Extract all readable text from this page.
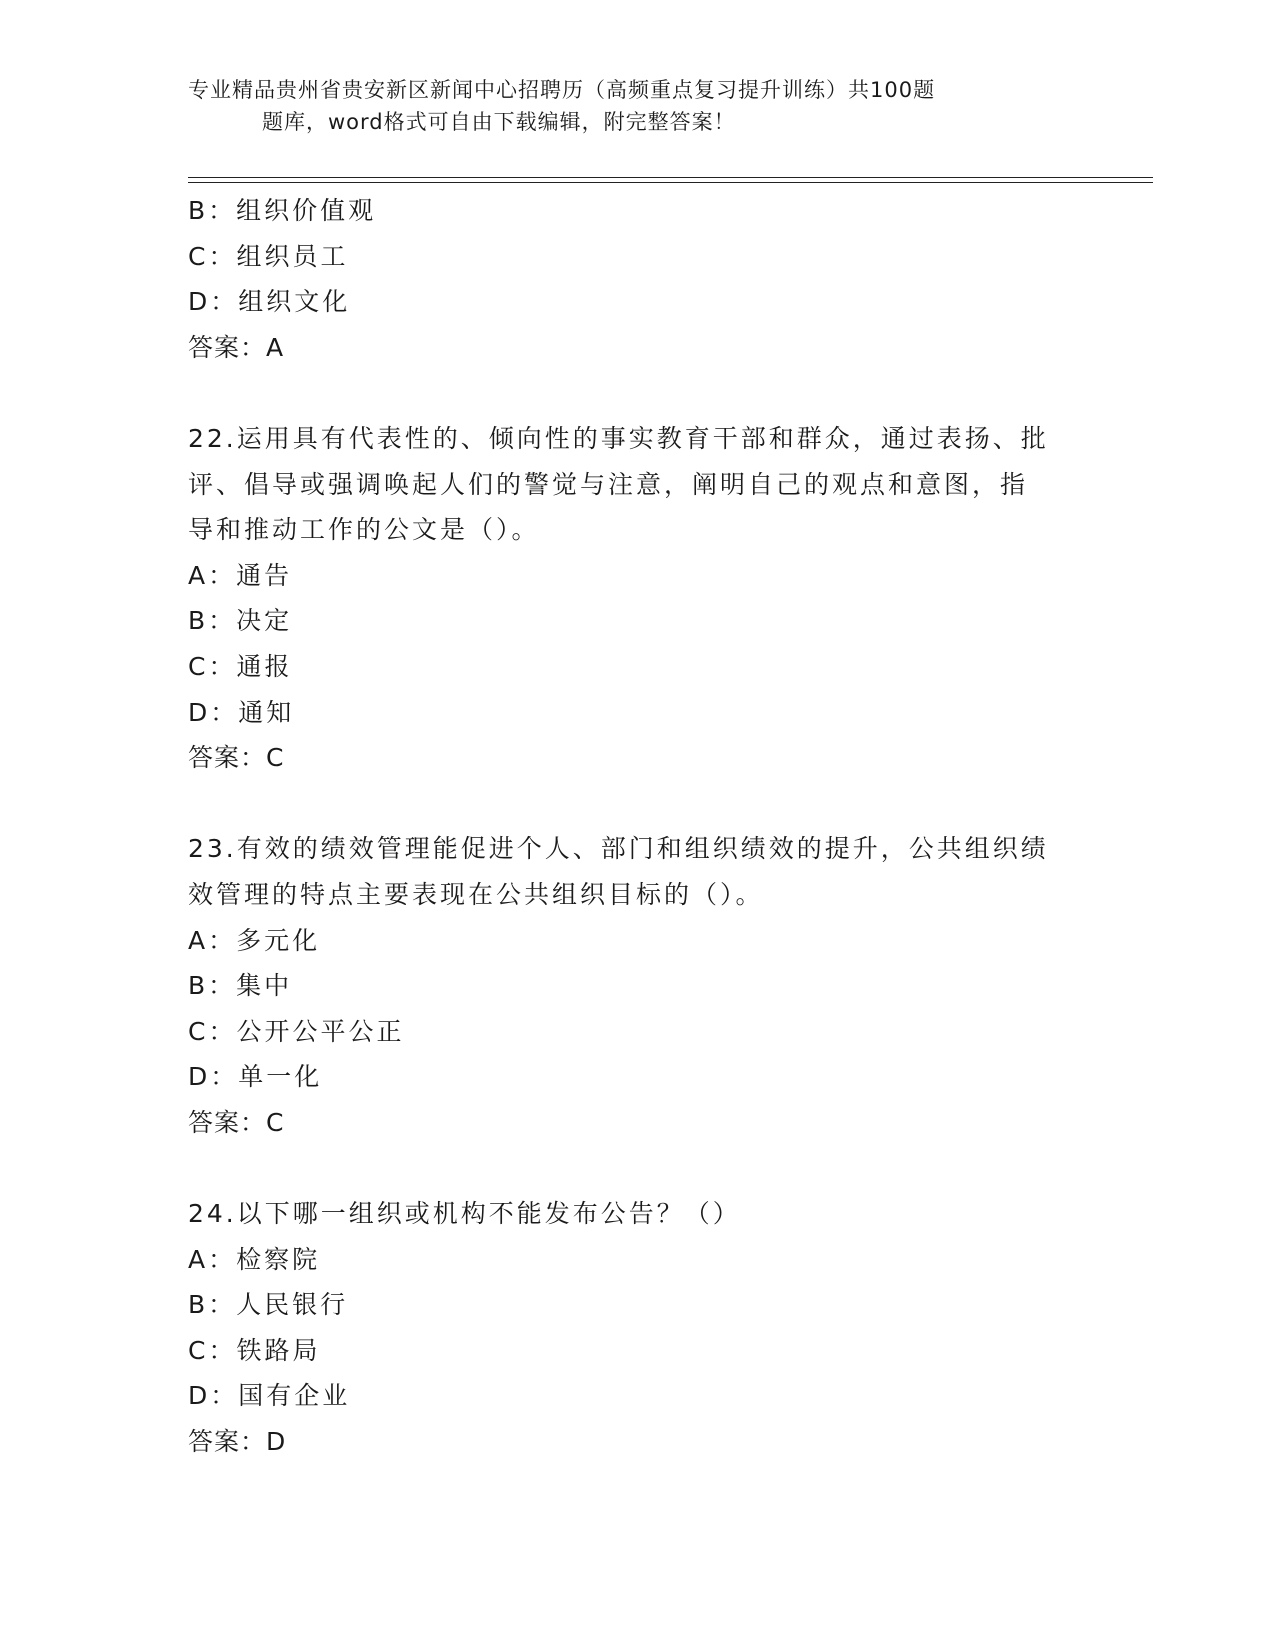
专业精品贵州省贵安新区新闻中心招聘历（高频重点复习提升训练）共100题
题库，word格式可自由下载编辑，附完整答案！
B：组织价值观
C：组织员工
D：组织文化
答案：A
22.运用具有代表性的、倾向性的事实教育干部和群众，通过表扬、批
评、倡导或强调唤起人们的警觉与注意，阐明自己的观点和意图，指
导和推动工作的公文是（）。
A：通告
B：决定
C：通报
D：通知
答案：C
23.有效的绩效管理能促进个人、部门和组织绩效的提升，公共组织绩
效管理的特点主要表现在公共组织目标的（）。
A：多元化
B：集中
C：公开公平公正
D：单一化
答案：C
24.以下哪一组织或机构不能发布公告？（）
A：检察院
B：人民银行
C：铁路局
D：国有企业
答案：D
